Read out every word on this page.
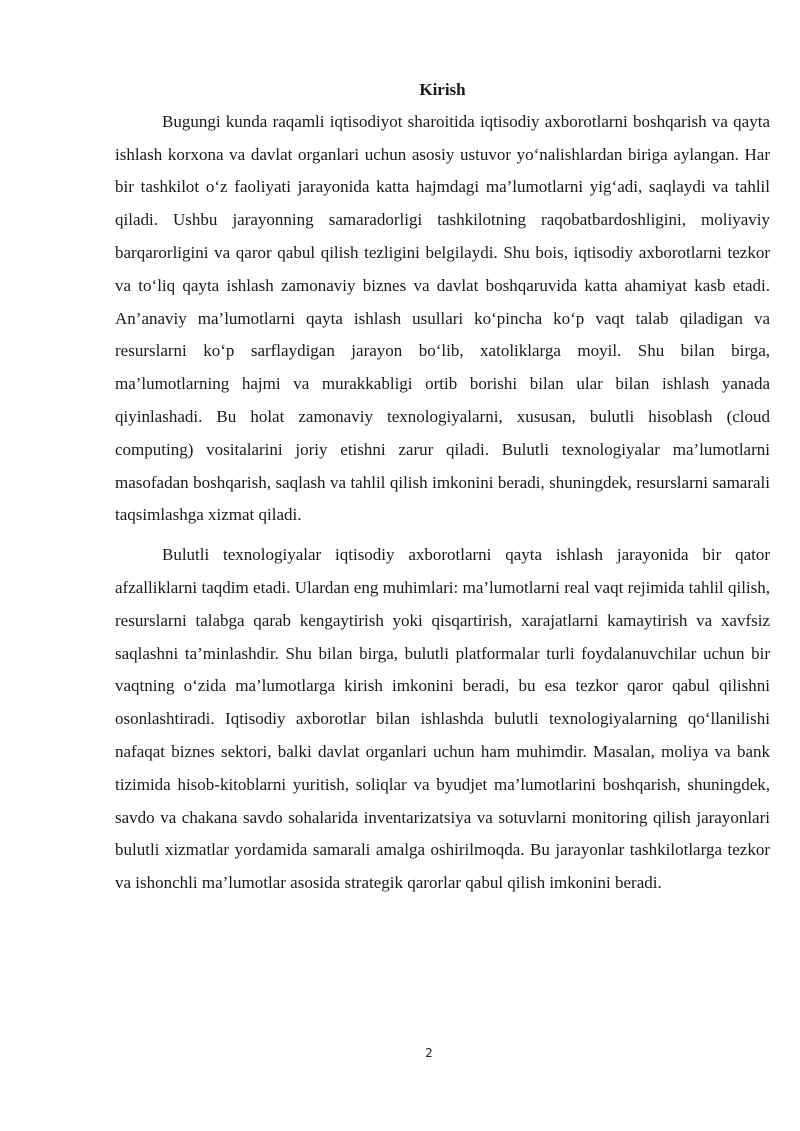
Kirish

Bugungi kunda raqamli iqtisodiyot sharoitida iqtisodiy axborotlarni boshqarish va qayta ishlash korxona va davlat organlari uchun asosiy ustuvor yo‘nalishlardan biriga aylangan. Har bir tashkilot o‘z faoliyati jarayonida katta hajmdagi ma’lumotlarni yig‘adi, saqlaydi va tahlil qiladi. Ushbu jarayonning samaradorligi tashkilotning raqobatbardoshligini, moliyaviy barqarorligini va qaror qabul qilish tezligini belgilaydi. Shu bois, iqtisodiy axborotlarni tezkor va to‘liq qayta ishlash zamonaviy biznes va davlat boshqaruvida katta ahamiyat kasb etadi. An’anaviy ma’lumotlarni qayta ishlash usullari ko‘pincha ko‘p vaqt talab qiladigan va resurslarni ko‘p sarflaydigan jarayon bo‘lib, xatoliklarga moyil. Shu bilan birga, ma’lumotlarning hajmi va murakkabligi ortib borishi bilan ular bilan ishlash yanada qiyinlashadi. Bu holat zamonaviy texnologiyalarni, xususan, bulutli hisoblash (cloud computing) vositalarini joriy etishni zarur qiladi. Bulutli texnologiyalar ma’lumotlarni masofadan boshqarish, saqlash va tahlil qilish imkonini beradi, shuningdek, resurslarni samarali taqsimlashga xizmat qiladi.

Bulutli texnologiyalar iqtisodiy axborotlarni qayta ishlash jarayonida bir qator afzalliklarni taqdim etadi. Ulardan eng muhimlari: ma’lumotlarni real vaqt rejimida tahlil qilish, resurslarni talabga qarab kengaytirish yoki qisqartirish, xarajatlarni kamaytirish va xavfsiz saqlashni ta’minlashdir. Shu bilan birga, bulutli platformalar turli foydalanuvchilar uchun bir vaqtning o‘zida ma’lumotlarga kirish imkonini beradi, bu esa tezkor qaror qabul qilishni osonlashtiradi. Iqtisodiy axborotlar bilan ishlashda bulutli texnologiyalarning qo‘llanilishi nafaqat biznes sektori, balki davlat organlari uchun ham muhimdir. Masalan, moliya va bank tizimida hisob-kitoblarni yuritish, soliqlar va byudjet ma’lumotlarini boshqarish, shuningdek, savdo va chakana savdo sohalarida inventarizatsiya va sotuvlarni monitoring qilish jarayonlari bulutli xizmatlar yordamida samarali amalga oshirilmoqda. Bu jarayonlar tashkilotlarga tezkor va ishonchli ma’lumotlar asosida strategik qarorlar qabul qilish imkonini beradi.

2
